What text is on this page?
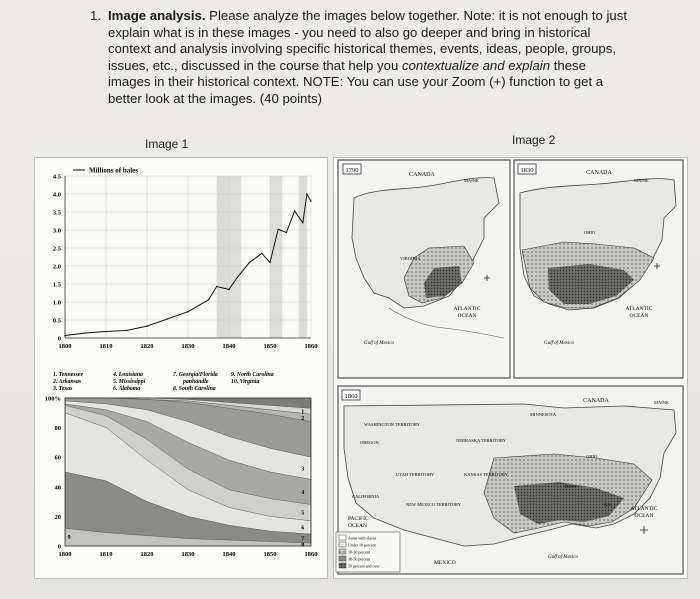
1. Image analysis. Please analyze the images below together. Note: it is not enough to just explain what is in these images - you need to also go deeper and bring in historical context and analysis involving specific historical themes, events, ideas, people, groups, issues, etc., discussed in the course that help you contextualize and explain these images in their historical context. NOTE: You can use your Zoom (+) function to get a better look at the images. (40 points)
Image 1	Image 2
0
0.5
1.0
1.5
2.0
2.5
3.0
3.5
4.0
4.5
1800	1810	1820	1830	1840	1850	1860
Millions of bales
1. Tennessee
2. Arkansas
3. Texas
4. Louisiana
5. Mississippi
6. Alabama
7. Georgia/Florida
panhandle
8. South Carolina
9. North Carolina
10. Virginia
0
20
40
60
80
100%
1800	1810	1820	1830	1840	1850	1860
1
2
3
4
5
6
7
8
9
1790
CANADA
ATLANTIC
OCEAN
Gulf of Mexico
MAINE
VIRGINIA
1830	CANADA
ATLANTIC
OCEAN
OHIO
MAINE
Gulf of Mexico
1860
CANADA
WASHINGTON TERRITORY
OREGON
CALIFORNIA
UTAH TERRITORY
NEBRASKA TERRITORY
KANSAS TERRITORY
NEW MEXICO TERRITORY
MINNESOTA
OHIO
TENN.
GA.
MAINE
PACIFIC
OCEAN
ATLANTIC
OCEAN
MEXICO
Gulf of Mexico
Areas with slaves
Under 10 percent
10-30 percent
30-50 percent
50 percent and over
